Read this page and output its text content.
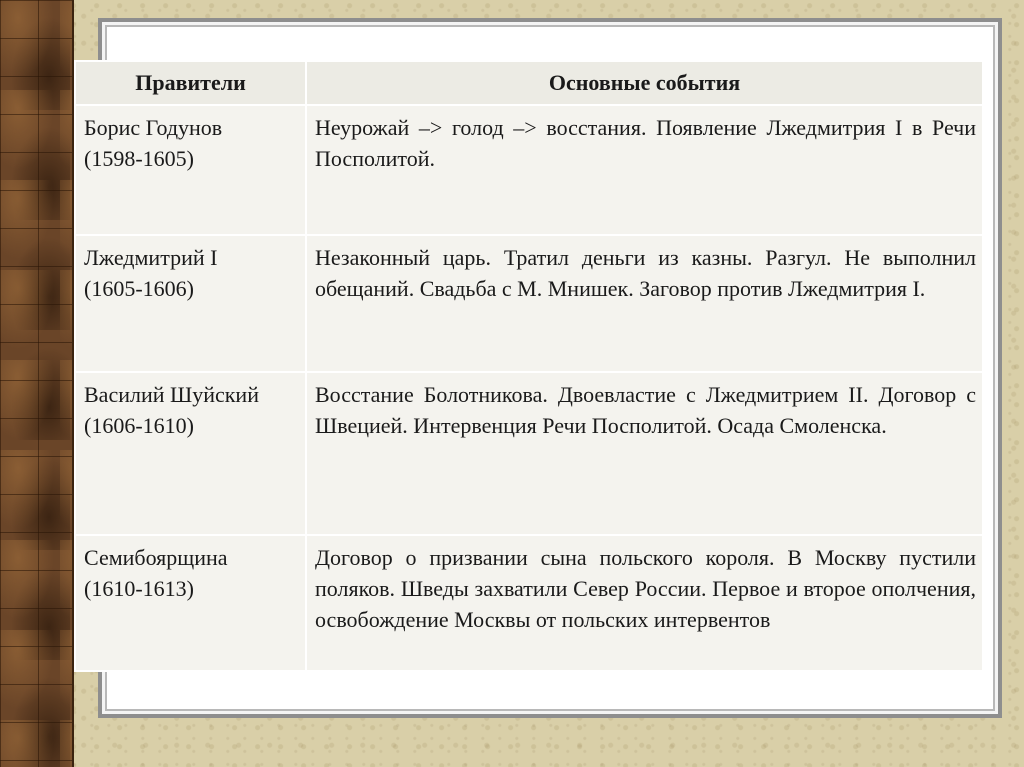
Правители	Основные события

Борис Годунов
(1598-1605)	Неурожай –> голод –> восстания. Появление Лжедмитрия I в Речи Посполитой.

Лжедмитрий I
(1605-1606)	Незаконный царь. Тратил деньги из казны. Разгул. Не выполнил обещаний. Свадьба с М. Мнишек. Заговор против Лжедмитрия I.

Василий Шуйский
(1606-1610)	Восстание Болотникова. Двоевластие с Лжедмитрием II. Договор с Швецией. Интервенция Речи Посполитой. Осада Смоленска.

Семибоярщина
(1610-1613)	Договор о призвании сына польского короля. В Москву пустили поляков. Шведы захватили Север России. Первое и второе ополчения, освобождение Москвы от польских интервентов
